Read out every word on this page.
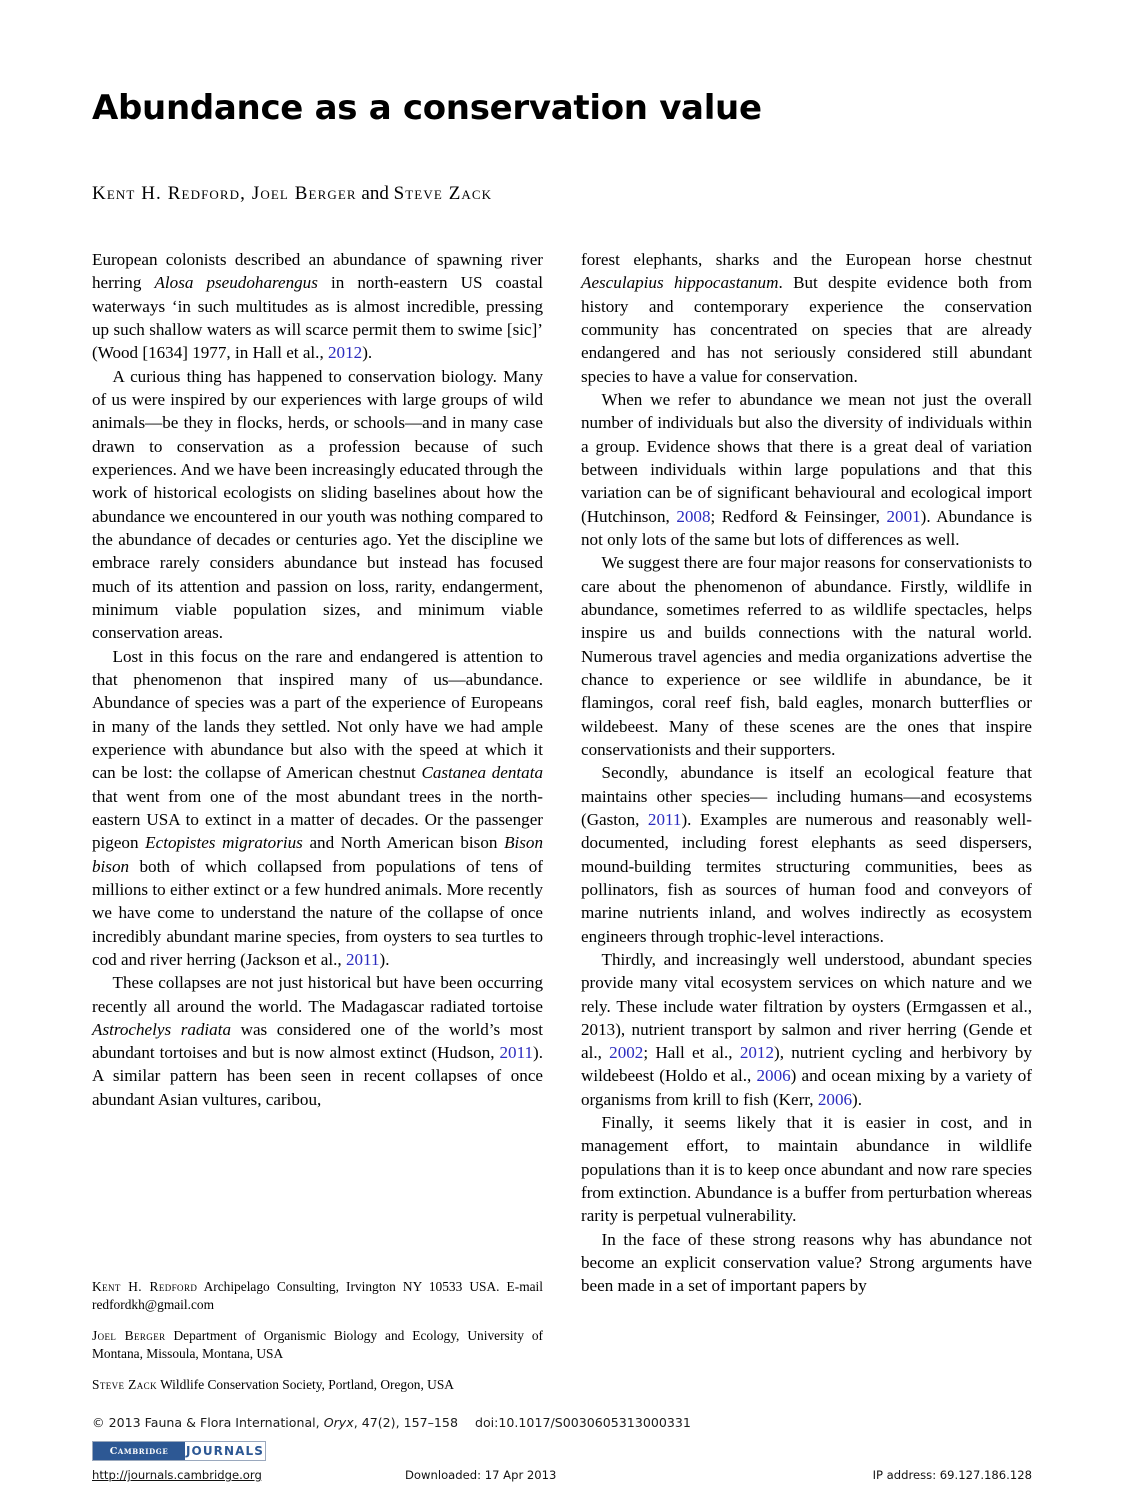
Abundance as a conservation value

Kent H. Redford, Joel Berger and Steve Zack

European colonists described an abundance of spawning river herring Alosa pseudoharengus in north-eastern US coastal waterways ‘in such multitudes as is almost incredible, pressing up such shallow waters as will scarce permit them to swime [sic]’ (Wood [1634] 1977, in Hall et al., 2012).

A curious thing has happened to conservation biology. Many of us were inspired by our experiences with large groups of wild animals—be they in flocks, herds, or schools—and in many case drawn to conservation as a profession because of such experiences. And we have been increasingly educated through the work of historical ecologists on sliding baselines about how the abundance we encountered in our youth was nothing compared to the abundance of decades or centuries ago. Yet the discipline we embrace rarely considers abundance but instead has focused much of its attention and passion on loss, rarity, endangerment, minimum viable population sizes, and minimum viable conservation areas.

Lost in this focus on the rare and endangered is attention to that phenomenon that inspired many of us—abundance. Abundance of species was a part of the experience of Europeans in many of the lands they settled. Not only have we had ample experience with abundance but also with the speed at which it can be lost: the collapse of American chestnut Castanea dentata that went from one of the most abundant trees in the north-eastern USA to extinct in a matter of decades. Or the passenger pigeon Ectopistes migratorius and North American bison Bison bison both of which collapsed from populations of tens of millions to either extinct or a few hundred animals. More recently we have come to understand the nature of the collapse of once incredibly abundant marine species, from oysters to sea turtles to cod and river herring (Jackson et al., 2011).

These collapses are not just historical but have been occurring recently all around the world. The Madagascar radiated tortoise Astrochelys radiata was considered one of the world’s most abundant tortoises and but is now almost extinct (Hudson, 2011). A similar pattern has been seen in recent collapses of once abundant Asian vultures, caribou,

forest elephants, sharks and the European horse chestnut Aesculapius hippocastanum. But despite evidence both from history and contemporary experience the conservation community has concentrated on species that are already endangered and has not seriously considered still abundant species to have a value for conservation.

When we refer to abundance we mean not just the overall number of individuals but also the diversity of individuals within a group. Evidence shows that there is a great deal of variation between individuals within large populations and that this variation can be of significant behavioural and ecological import (Hutchinson, 2008; Redford & Feinsinger, 2001). Abundance is not only lots of the same but lots of differences as well.

We suggest there are four major reasons for conservationists to care about the phenomenon of abundance. Firstly, wildlife in abundance, sometimes referred to as wildlife spectacles, helps inspire us and builds connections with the natural world. Numerous travel agencies and media organizations advertise the chance to experience or see wildlife in abundance, be it flamingos, coral reef fish, bald eagles, monarch butterflies or wildebeest. Many of these scenes are the ones that inspire conservationists and their supporters.

Secondly, abundance is itself an ecological feature that maintains other species— including humans—and ecosystems (Gaston, 2011). Examples are numerous and reasonably well-documented, including forest elephants as seed dispersers, mound-building termites structuring communities, bees as pollinators, fish as sources of human food and conveyors of marine nutrients inland, and wolves indirectly as ecosystem engineers through trophic-level interactions.

Thirdly, and increasingly well understood, abundant species provide many vital ecosystem services on which nature and we rely. These include water filtration by oysters (Ermgassen et al., 2013), nutrient transport by salmon and river herring (Gende et al., 2002; Hall et al., 2012), nutrient cycling and herbivory by wildebeest (Holdo et al., 2006) and ocean mixing by a variety of organisms from krill to fish (Kerr, 2006).

Finally, it seems likely that it is easier in cost, and in management effort, to maintain abundance in wildlife populations than it is to keep once abundant and now rare species from extinction. Abundance is a buffer from perturbation whereas rarity is perpetual vulnerability.

In the face of these strong reasons why has abundance not become an explicit conservation value? Strong arguments have been made in a set of important papers by

Kent H. Redford Archipelago Consulting, Irvington NY 10533 USA. E-mail redfordkh@gmail.com

Joel Berger Department of Organismic Biology and Ecology, University of Montana, Missoula, Montana, USA

Steve Zack Wildlife Conservation Society, Portland, Oregon, USA

© 2013 Fauna & Flora International, Oryx, 47(2), 157–158 doi:10.1017/S0030605313000331
Cambridge	JOURNALS
http://journals.cambridge.org	Downloaded: 17 Apr 2013	IP address: 69.127.186.128
